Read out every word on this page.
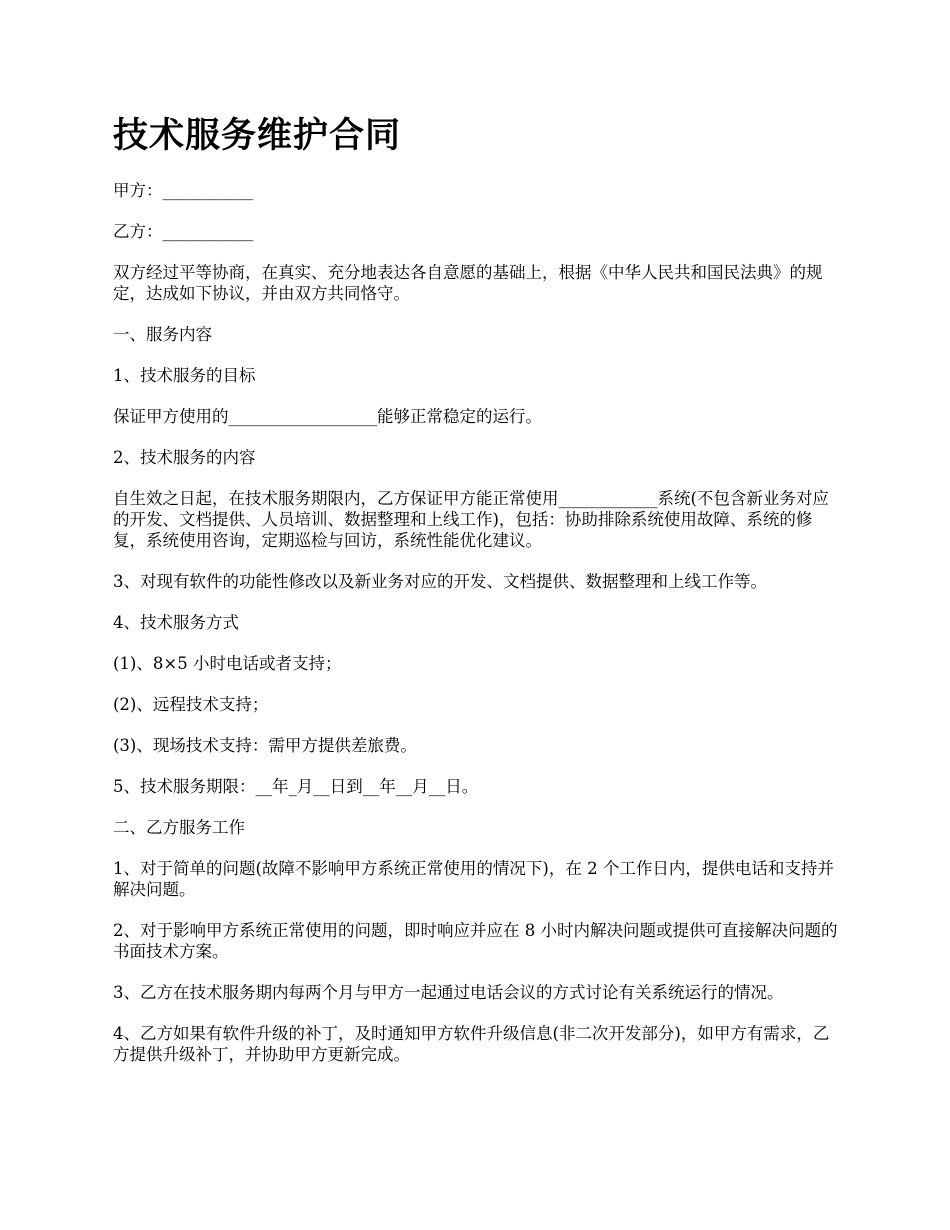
技术服务维护合同

甲方：___________

乙方：___________

双方经过平等协商，在真实、充分地表达各自意愿的基础上，根据《中华人民共和国民法典》的规定，达成如下协议，并由双方共同恪守。

一、服务内容

1、技术服务的目标

保证甲方使用的__________________能够正常稳定的运行。

2、技术服务的内容

自生效之日起，在技术服务期限内，乙方保证甲方能正常使用____________系统(不包含新业务对应的开发、文档提供、人员培训、数据整理和上线工作)，包括：协助排除系统使用故障、系统的修复，系统使用咨询，定期巡检与回访，系统性能优化建议。

3、对现有软件的功能性修改以及新业务对应的开发、文档提供、数据整理和上线工作等。

4、技术服务方式

(1)、8×5 小时电话或者支持；

(2)、远程技术支持；

(3)、现场技术支持：需甲方提供差旅费。

5、技术服务期限：__年_月__日到__年__月__日。

二、乙方服务工作

1、对于简单的问题(故障不影响甲方系统正常使用的情况下)，在 2 个工作日内，提供电话和支持并解决问题。

2、对于影响甲方系统正常使用的问题，即时响应并应在 8 小时内解决问题或提供可直接解决问题的书面技术方案。

3、乙方在技术服务期内每两个月与甲方一起通过电话会议的方式讨论有关系统运行的情况。

4、乙方如果有软件升级的补丁，及时通知甲方软件升级信息(非二次开发部分)，如甲方有需求，乙方提供升级补丁，并协助甲方更新完成。
